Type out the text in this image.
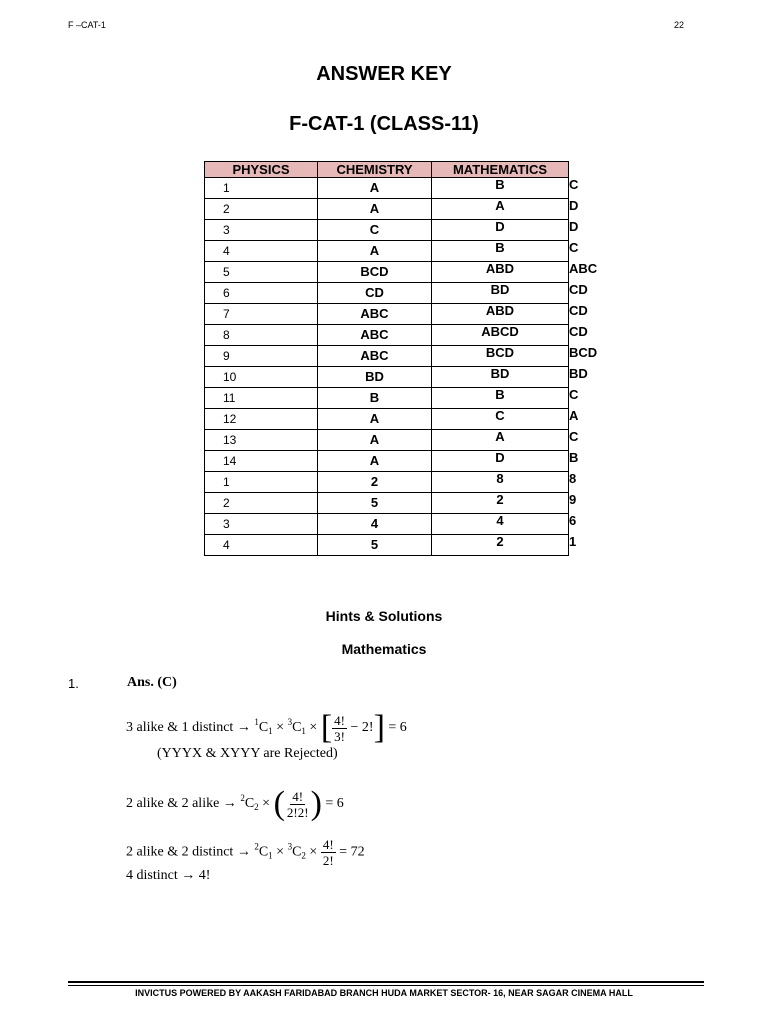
F –CAT-1	22
ANSWER KEY
F-CAT-1 (CLASS-11)
PHYSICS	CHEMISTRY	MATHEMATICS	
1	A	B	C
2	A	A	D
3	C	D	D
4	A	B	C
5	BCD	ABD	ABC
6	CD	BD	CD
7	ABC	ABD	CD
8	ABC	ABCD	CD
9	ABC	BCD	BCD
10	BD	BD	BD
11	B	B	C
12	A	C	A
13	A	A	C
14	A	D	B
1	2	8	8
2	5	2	9
3	4	4	6
4	5	2	1
Hints & Solutions
Mathematics
1.	Ans. (C)
3 alike & 1 distinct → $^1C_1 \times ^3C_1$ × [ $\frac{4!}{3!} - 2!] = 6$
(YYYX & XYYY are Rejected)
2 alike & 2 alike → $^2C_2$ × ( $\frac{4!}{2!2!}$ ) = 6
2 alike & 2 distinct → $^2C_1 \times ^3C_2 \times \frac{4!}{2!} = 72$
4 distinct → 4!
INVICTUS POWERED BY AAKASH FARIDABAD BRANCH HUDA MARKET SECTOR- 16, NEAR SAGAR CINEMA HALL
